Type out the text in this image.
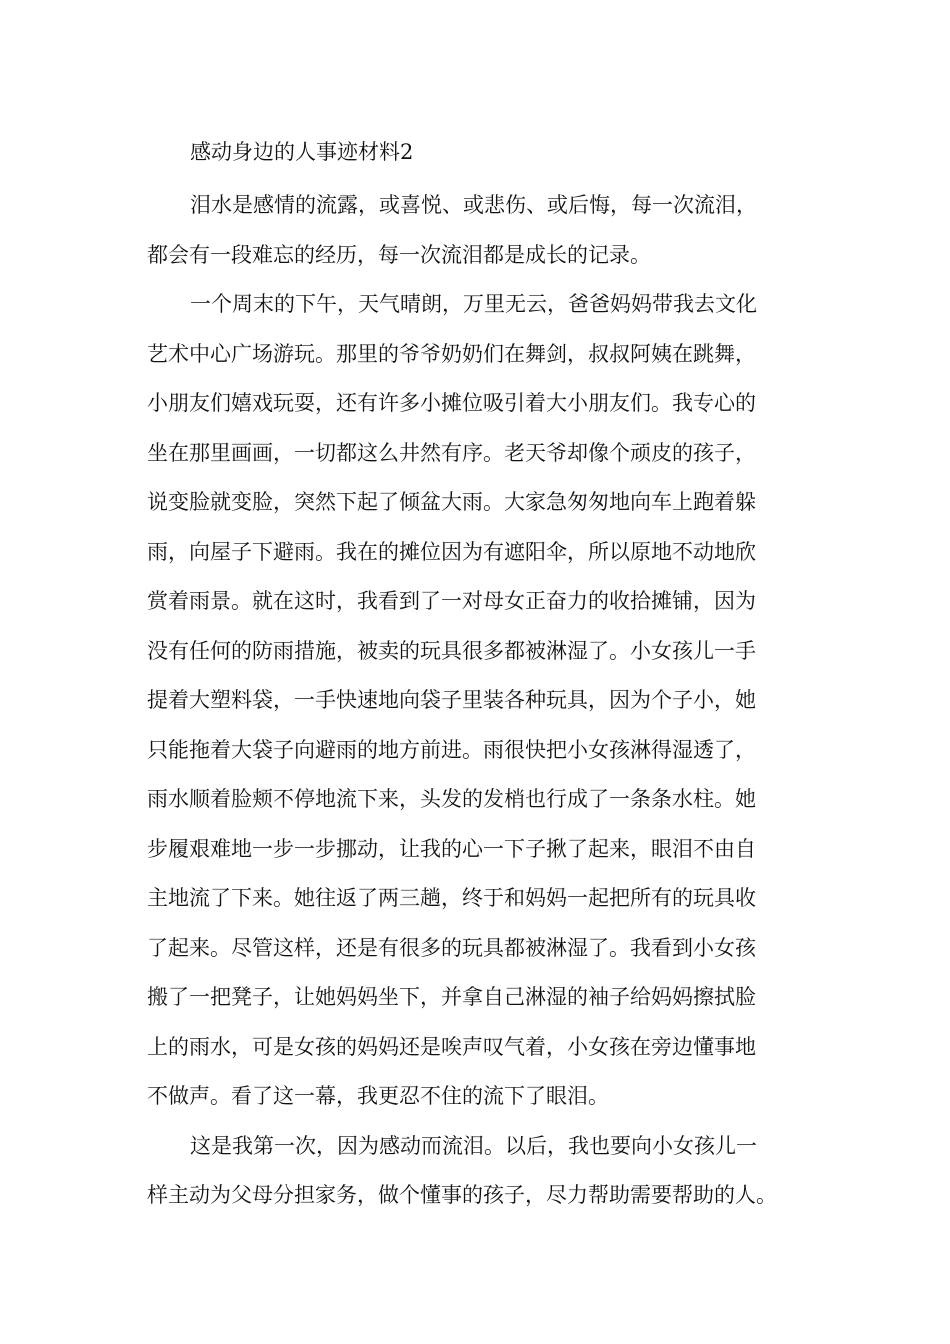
感动身边的人事迹材料2
泪水是感情的流露，或喜悦、或悲伤、或后悔，每一次流泪，
都会有一段难忘的经历，每一次流泪都是成长的记录。
一个周末的下午，天气晴朗，万里无云，爸爸妈妈带我去文化
艺术中心广场游玩。那里的爷爷奶奶们在舞剑，叔叔阿姨在跳舞，
小朋友们嬉戏玩耍，还有许多小摊位吸引着大小朋友们。我专心的
坐在那里画画，一切都这么井然有序。老天爷却像个顽皮的孩子，
说变脸就变脸，突然下起了倾盆大雨。大家急匆匆地向车上跑着躲
雨，向屋子下避雨。我在的摊位因为有遮阳伞，所以原地不动地欣
赏着雨景。就在这时，我看到了一对母女正奋力的收拾摊铺，因为
没有任何的防雨措施，被卖的玩具很多都被淋湿了。小女孩儿一手
提着大塑料袋，一手快速地向袋子里装各种玩具，因为个子小，她
只能拖着大袋子向避雨的地方前进。雨很快把小女孩淋得湿透了，
雨水顺着脸颊不停地流下来，头发的发梢也行成了一条条水柱。她
步履艰难地一步一步挪动，让我的心一下子揪了起来，眼泪不由自
主地流了下来。她往返了两三趟，终于和妈妈一起把所有的玩具收
了起来。尽管这样，还是有很多的玩具都被淋湿了。我看到小女孩
搬了一把凳子，让她妈妈坐下，并拿自己淋湿的袖子给妈妈擦拭脸
上的雨水，可是女孩的妈妈还是唉声叹气着，小女孩在旁边懂事地
不做声。看了这一幕，我更忍不住的流下了眼泪。
这是我第一次，因为感动而流泪。以后，我也要向小女孩儿一
样主动为父母分担家务，做个懂事的孩子，尽力帮助需要帮助的人。
